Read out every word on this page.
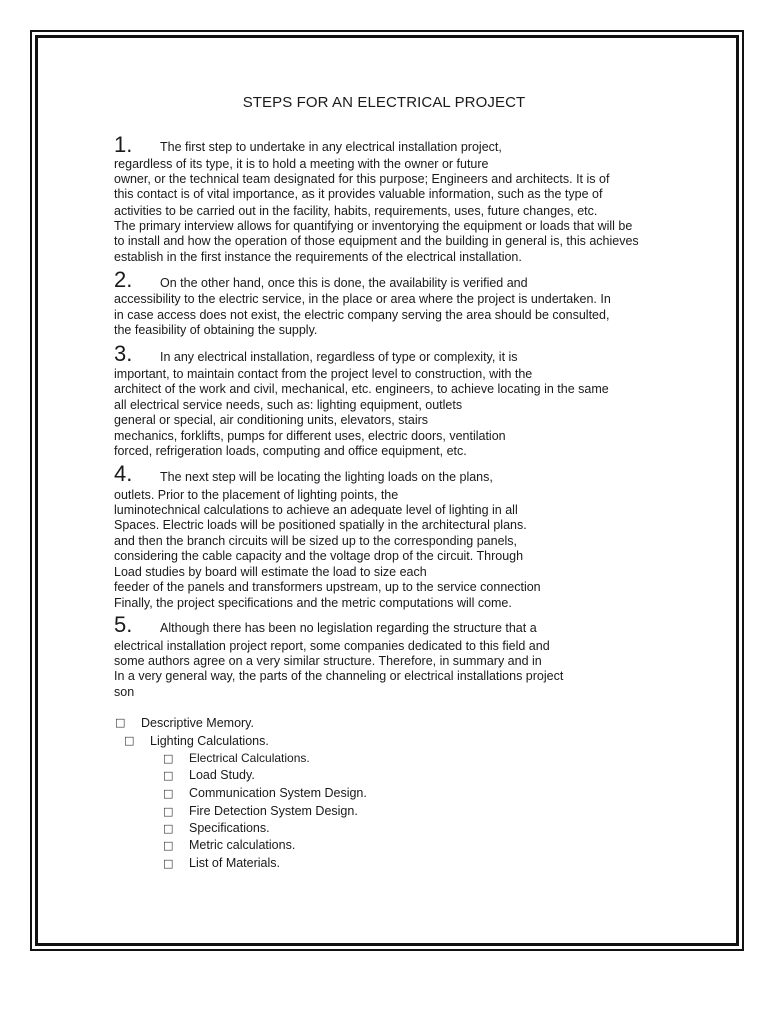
STEPS FOR AN ELECTRICAL PROJECT
1. The first step to undertake in any electrical installation project,
regardless of its type, it is to hold a meeting with the owner or future
owner, or the technical team designated for this purpose; Engineers and architects. It is of
this contact is of vital importance, as it provides valuable information, such as the type of
activities to be carried out in the facility, habits, requirements, uses, future changes, etc.
The primary interview allows for quantifying or inventorying the equipment or loads that will be
to install and how the operation of those equipment and the building in general is, this achieves
establish in the first instance the requirements of the electrical installation.
2. On the other hand, once this is done, the availability is verified and
accessibility to the electric service, in the place or area where the project is undertaken. In
in case access does not exist, the electric company serving the area should be consulted,
the feasibility of obtaining the supply.
3. In any electrical installation, regardless of type or complexity, it is
important, to maintain contact from the project level to construction, with the
architect of the work and civil, mechanical, etc. engineers, to achieve locating in the same
all electrical service needs, such as: lighting equipment, outlets
general or special, air conditioning units, elevators, stairs
mechanics, forklifts, pumps for different uses, electric doors, ventilation
forced, refrigeration loads, computing and office equipment, etc.
4. The next step will be locating the lighting loads on the plans,
outlets. Prior to the placement of lighting points, the
luminotechnical calculations to achieve an adequate level of lighting in all
Spaces. Electric loads will be positioned spatially in the architectural plans.
and then the branch circuits will be sized up to the corresponding panels,
considering the cable capacity and the voltage drop of the circuit. Through
Load studies by board will estimate the load to size each
feeder of the panels and transformers upstream, up to the service connection
Finally, the project specifications and the metric computations will come.
5. Although there has been no legislation regarding the structure that a
electrical installation project report, some companies dedicated to this field and
some authors agree on a very similar structure. Therefore, in summary and in
In a very general way, the parts of the channeling or electrical installations project
son
□
Descriptive Memory.
□
Lighting Calculations.
□
Electrical Calculations.
□
Load Study.
□
Communication System Design.
□
Fire Detection System Design.
□
Specifications.
□
Metric calculations.
□
List of Materials.
